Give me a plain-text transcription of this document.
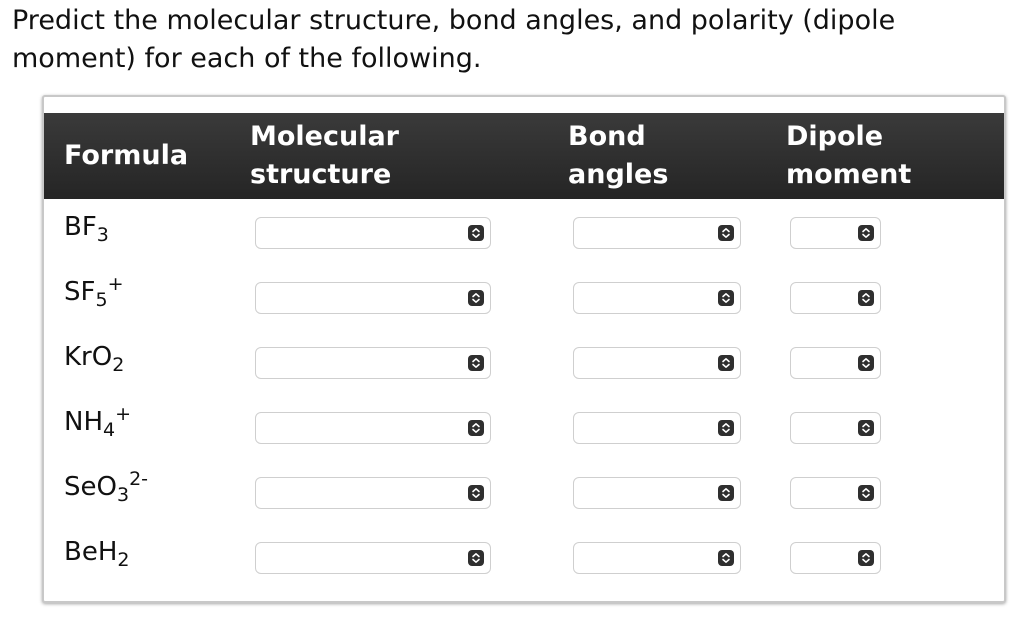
Predict the molecular structure, bond angles, and polarity (dipole
moment) for each of the following.
Formula
Molecular
structure
Bond
angles
Dipole
moment
$BF_3$
$SF_5^+$
KrO$_2$
$NH_4^+$
SeO$_3^{2-}$
BeH$_2$
